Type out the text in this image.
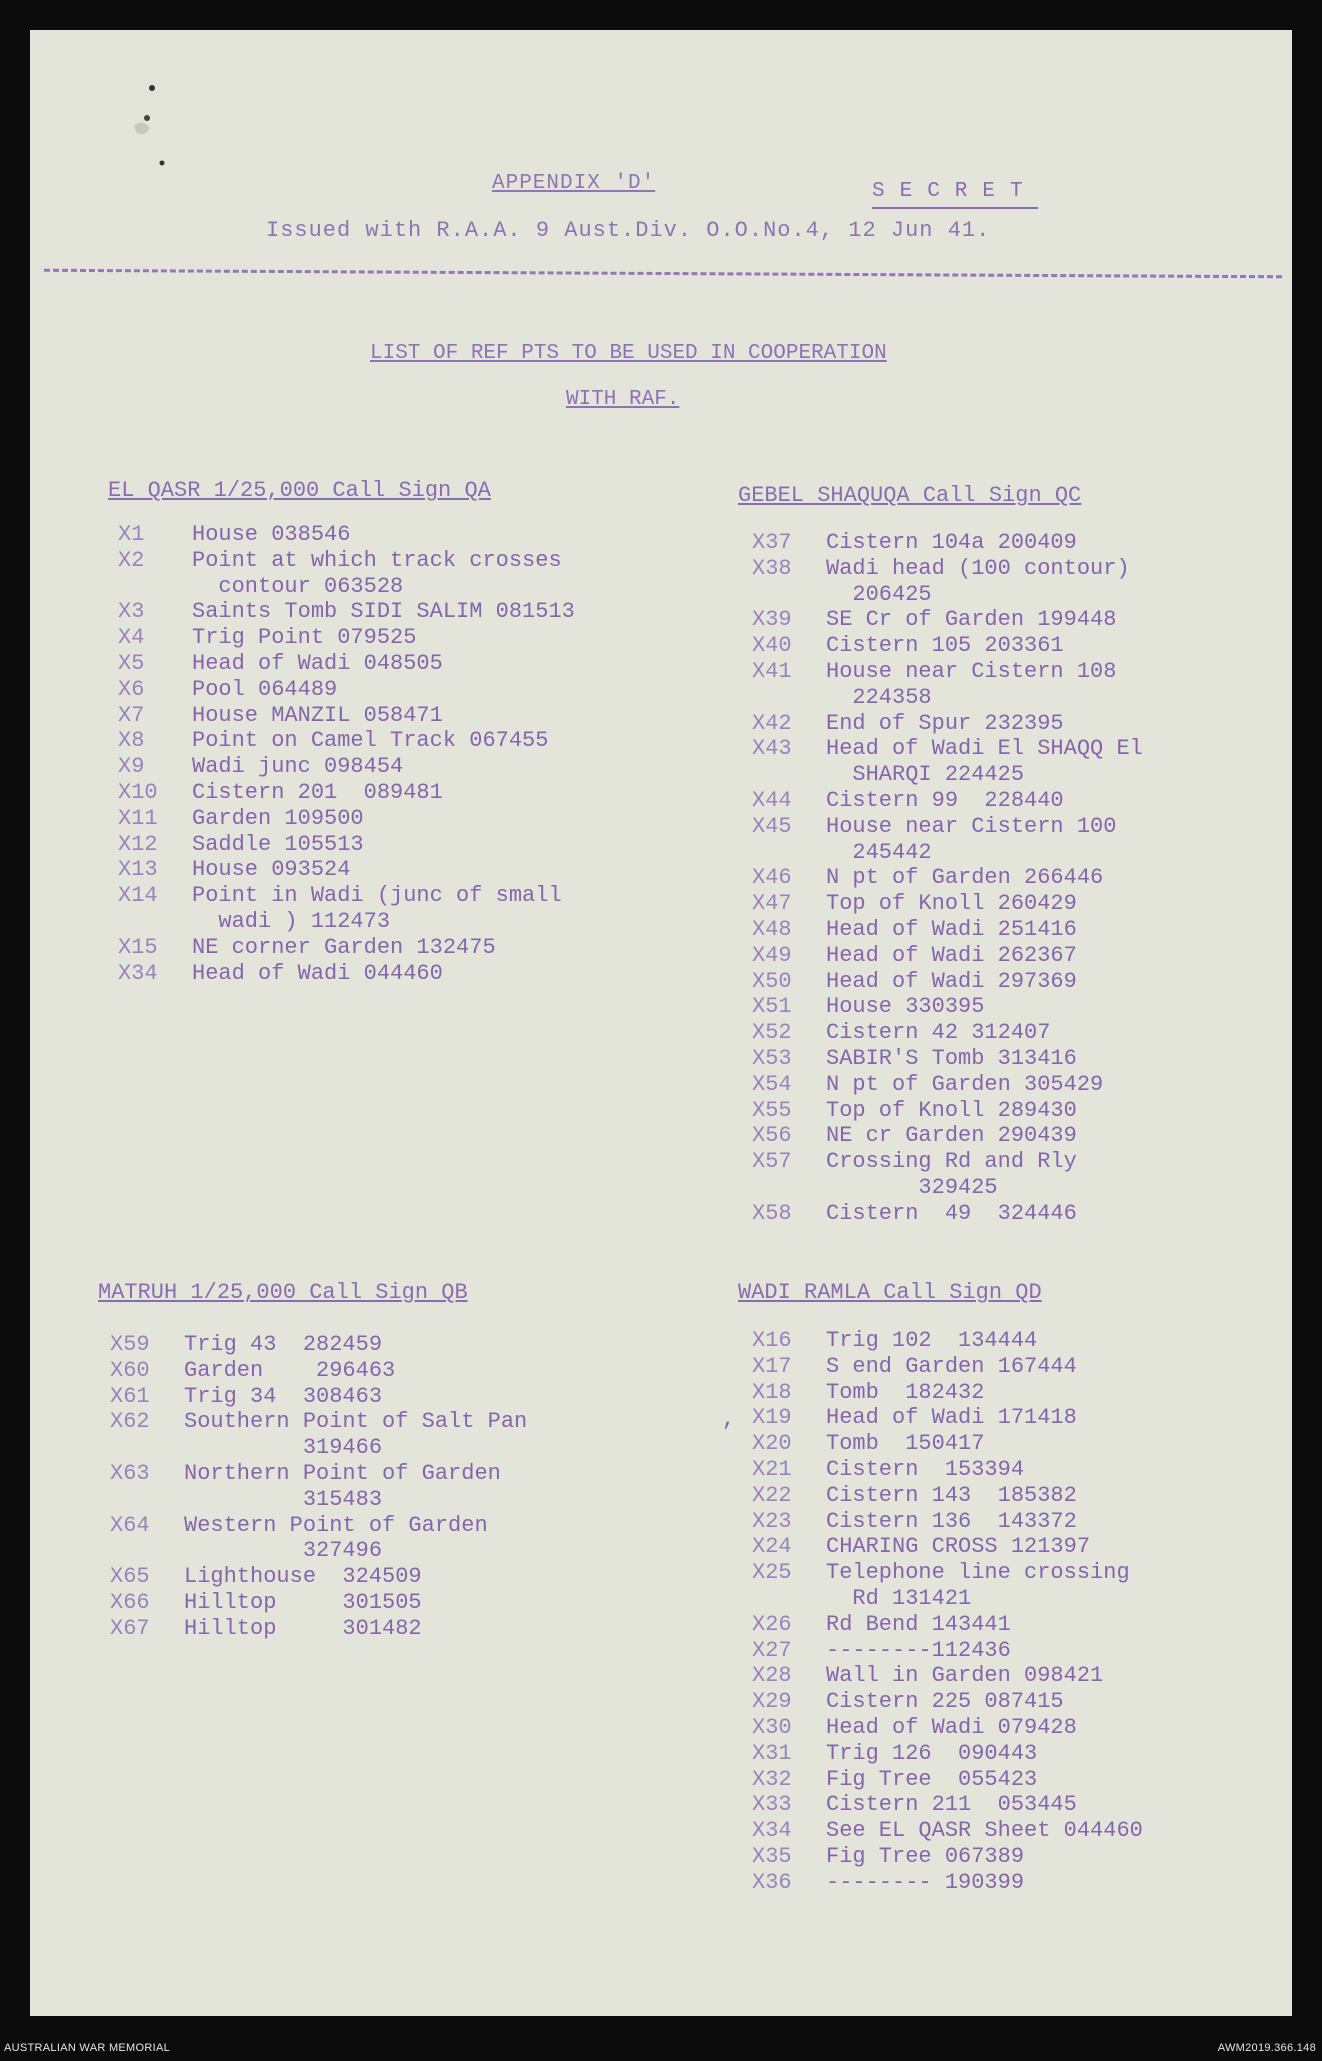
APPENDIX 'D'	SECRET
Issued with R.A.A. 9 Aust.Div. O.O.No.4, 12 Jun 41.
LIST OF REF PTS TO BE USED IN COOPERATION
WITH RAF.
EL QASR 1/25,000 Call Sign QA
X1	House 038546
X2	Point at which track crosses
contour 063528
X3	Saints Tomb SIDI SALIM 081513
X4	Trig Point 079525
X5	Head of Wadi 048505
X6	Pool 064489
X7	House MANZIL 058471
X8	Point on Camel Track 067455
X9	Wadi junc 098454
X10	Cistern 201  089481
X11	Garden 109500
X12	Saddle 105513
X13	House 093524
X14	Point in Wadi (junc of small
wadi ) 112473
X15	NE corner Garden 132475
X34	Head of Wadi 044460
GEBEL SHAQUQA Call Sign QC
X37	Cistern 104a 200409
X38	Wadi head (100 contour)
206425
X39	SE Cr of Garden 199448
X40	Cistern 105 203361
X41	House near Cistern 108
224358
X42	End of Spur 232395
X43	Head of Wadi El SHAQQ El
SHARQI 224425
X44	Cistern 99  228440
X45	House near Cistern 100
245442
X46	N pt of Garden 266446
X47	Top of Knoll 260429
X48	Head of Wadi 251416
X49	Head of Wadi 262367
X50	Head of Wadi 297369
X51	House 330395
X52	Cistern 42 312407
X53	SABIR'S Tomb 313416
X54	N pt of Garden 305429
X55	Top of Knoll 289430
X56	NE cr Garden 290439
X57	Crossing Rd and Rly
329425
X58	Cistern  49  324446
MATRUH 1/25,000 Call Sign QB
X59	Trig 43  282459
X60	Garden    296463
X61	Trig 34  308463
X62	Southern Point of Salt Pan
319466
X63	Northern Point of Garden
315483
X64	Western Point of Garden
327496
X65	Lighthouse  324509
X66	Hilltop     301505
X67	Hilltop     301482
WADI RAMLA Call Sign QD
X16	Trig 102  134444
X17	S end Garden 167444
X18	Tomb  182432
X19	Head of Wadi 171418
X20	Tomb  150417
X21	Cistern  153394
X22	Cistern 143  185382
X23	Cistern 136  143372
X24	CHARING CROSS 121397
X25	Telephone line crossing
Rd 131421
X26	Rd Bend 143441
X27	--------112436
X28	Wall in Garden 098421
X29	Cistern 225 087415
X30	Head of Wadi 079428
X31	Trig 126  090443
X32	Fig Tree  055423
X33	Cistern 211  053445
X34	See EL QASR Sheet 044460
X35	Fig Tree 067389
X36	-------- 190399
,
AUSTRALIAN WAR MEMORIAL	AWM2019.366.148
